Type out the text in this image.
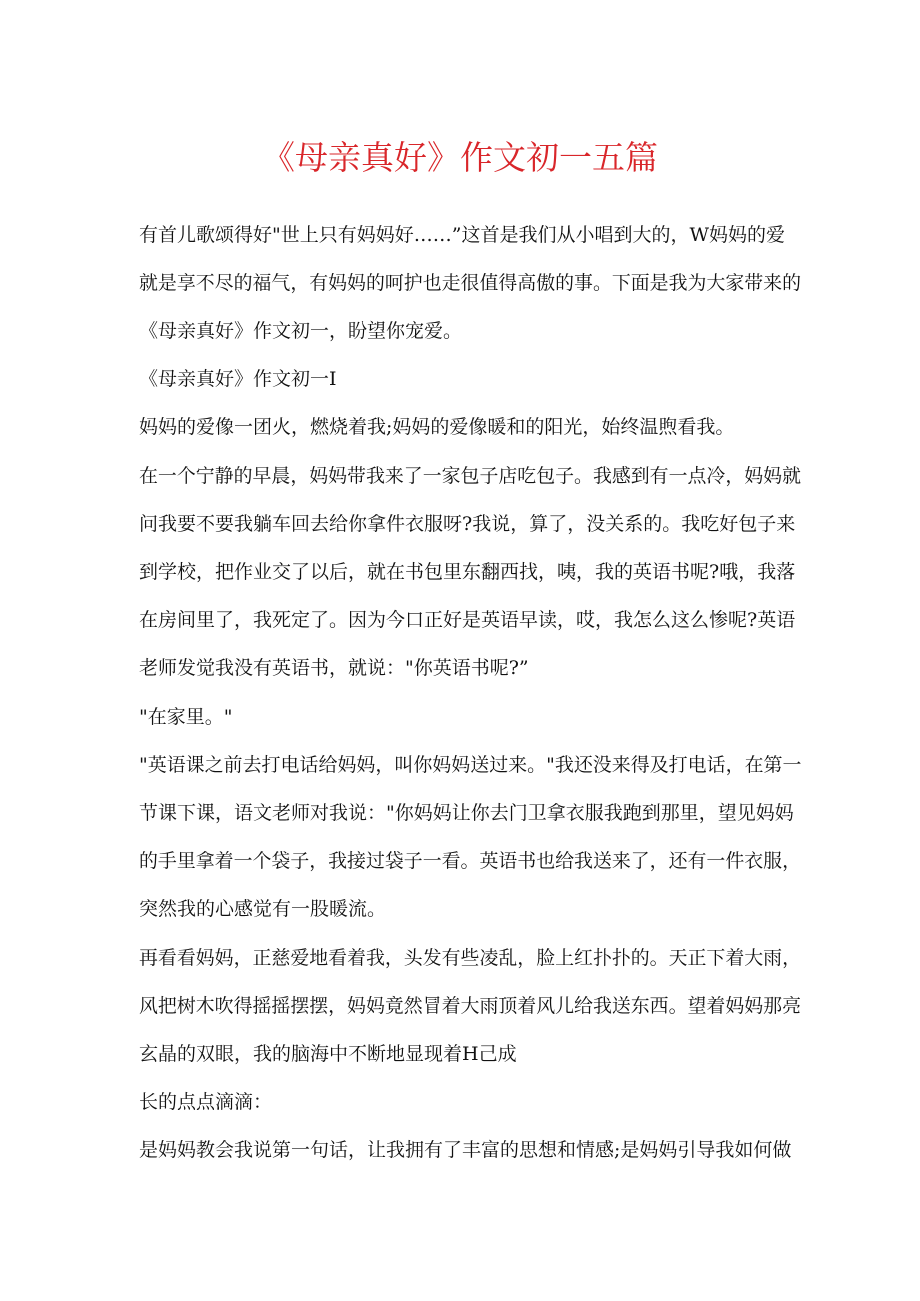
《母亲真好》作文初一五篇
有首儿歌颂得好"世上只有妈妈好……”这首是我们从小唱到大的，W妈妈的爱
就是享不尽的福气，有妈妈的呵护也走很值得高傲的事。下面是我为大家带来的
《母亲真好》作文初一，盼望你宠爱。
《母亲真好》作文初一I
妈妈的爱像一团火，燃烧着我;妈妈的爱像暖和的阳光，始终温煦看我。
在一个宁静的早晨，妈妈带我来了一家包子店吃包子。我感到有一点冷，妈妈就
问我要不要我躺车回去给你拿件衣服呀?我说，算了，没关系的。我吃好包子来
到学校，把作业交了以后，就在书包里东翻西找，咦，我的英语书呢?哦，我落
在房间里了，我死定了。因为今口正好是英语早读，哎，我怎么这么惨呢?英语
老师发觉我没有英语书，就说："你英语书呢?”
"在家里。"
"英语课之前去打电话给妈妈，叫你妈妈送过来。"我还没来得及打电话，在第一
节课下课，语文老师对我说："你妈妈让你去门卫拿衣服我跑到那里，望见妈妈
的手里拿着一个袋子，我接过袋子一看。英语书也给我送来了，还有一件衣服，
突然我的心感觉有一股暖流。
再看看妈妈，正慈爱地看着我，头发有些凌乱，脸上红扑扑的。天正下着大雨，
风把树木吹得摇摇摆摆，妈妈竟然冒着大雨顶着风儿给我送东西。望着妈妈那亮
玄晶的双眼，我的脑海中不断地显现着H己成
长的点点滴滴：
是妈妈教会我说第一句话，让我拥有了丰富的思想和情感;是妈妈引导我如何做
